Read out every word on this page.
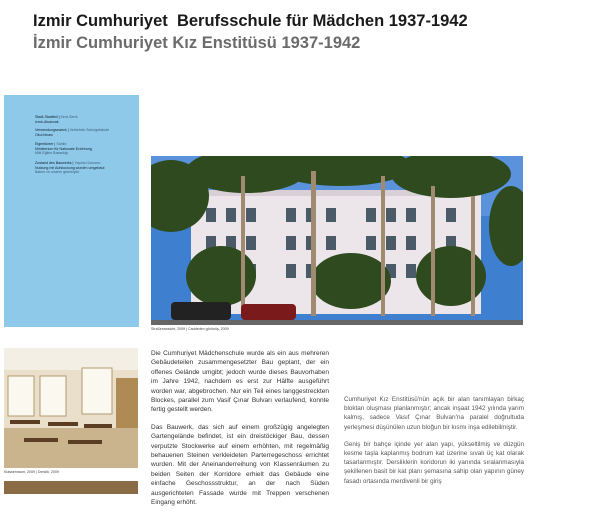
Izmir Cumhuriyet  Berufsschule für Mädchen 1937-1942
İzmir Cumhuriyet Kız Enstitüsü 1937-1942
Stadt-Stadtteil | Kent-Semt
Izmir-Alsancak
Verwendungszweck | Verkehrte Schulgebäude
Okul binası
Eigentümer | Sahibi
Ministerium für Nationale Erziehung
Milli Eğitim Bakanlığı
Zustand des Bauwerks | Yapının Durumu
Nutzung mit Aufstockung wurden umgebaut
Bakım ve onarım görmüştür
Straßenansicht, 2009 | Caddeden görünüş, 2009
Klassenraum, 2009 | Derslik, 2009

Die Cumhuriyet Mädchenschule wurde als ein aus mehreren Gebäudeteilen zusammengesetzter Bau geplant, der ein offenes Gelände umgibt; jedoch wurde dieses Bauvorhaben im Jahre 1942, nachdem es erst zur Hälfte ausgeführt worden war, abgebrochen. Nur ein Teil eines langgestreckten Blockes, parallel zum Vasif Çınar Bulvarı verlaufend, konnte fertig gestellt werden.

Das Bauwerk, das sich auf einem großzügig angelegten Gartengelände befindet, ist ein dreistöckiger Bau, dessen verputzte Stockwerke auf einem erhöhten, mit regelmäßig behauenen Steinen verkleideten Parterregeschoss errichtet wurden. Mit der Aneinanderreihung von Klassenräumen zu beiden Seiten der Korridore erhielt das Gebäude eine einfache Geschossstruktur, an der nach Süden ausgerichteten Fassade wurde mit Treppen verschenen Eingang erhöht.

Cumhuriyet Kız Enstitüsü'nün açık bir alan tanımlayan birkaç bloktan oluşması planlanmıştır; ancak inşaat 1942 yılında yarım kalmış, sadece Vasıf Çınar Bulvarı'na paralel doğrultuda yerleşmesi düşünülen uzun bloğun bir kısmı inşa edilebilmiştir.

Geniş bir bahçe içinde yer alan yapı, yükseltilmiş ve düzgün kesme taşla kaplanmış bodrum kat üzerine sıvalı üç kat olarak tasarlanmıştır. Dersliklerin koridorun iki yanında sıralanmasıyla şekillenen basit bir kat planı şemasına sahip olan yapının güney fasadı ortasında merdivenli bir giriş
